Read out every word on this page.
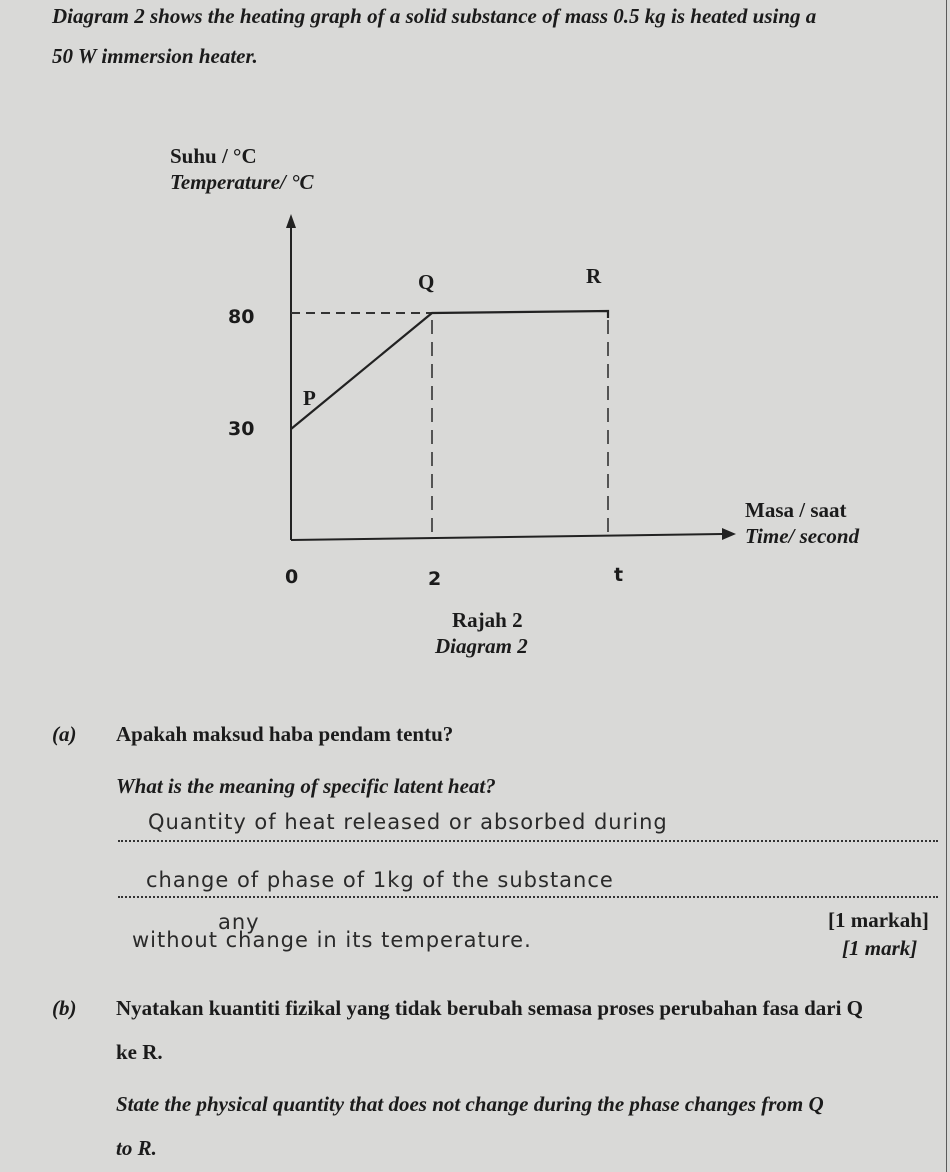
Diagram 2 shows the heating graph of a solid substance of mass 0.5 kg is heated using a
50 W immersion heater.
Suhu / °C
Temperature/ °C
80
30
0	2	t
P
Q	R
Masa / saat
Time/ second
Rajah 2
Diagram 2
(a) Apakah maksud haba pendam tentu?
What is the meaning of specific latent heat?
Quantity of heat released or absorbed during
change of phase of 1kg of the substance
any
without change in its temperature.
[1 markah]
[1 mark]
(b) Nyatakan kuantiti fizikal yang tidak berubah semasa proses perubahan fasa dari Q
ke R.
State the physical quantity that does not change during the phase changes from Q
to R.
